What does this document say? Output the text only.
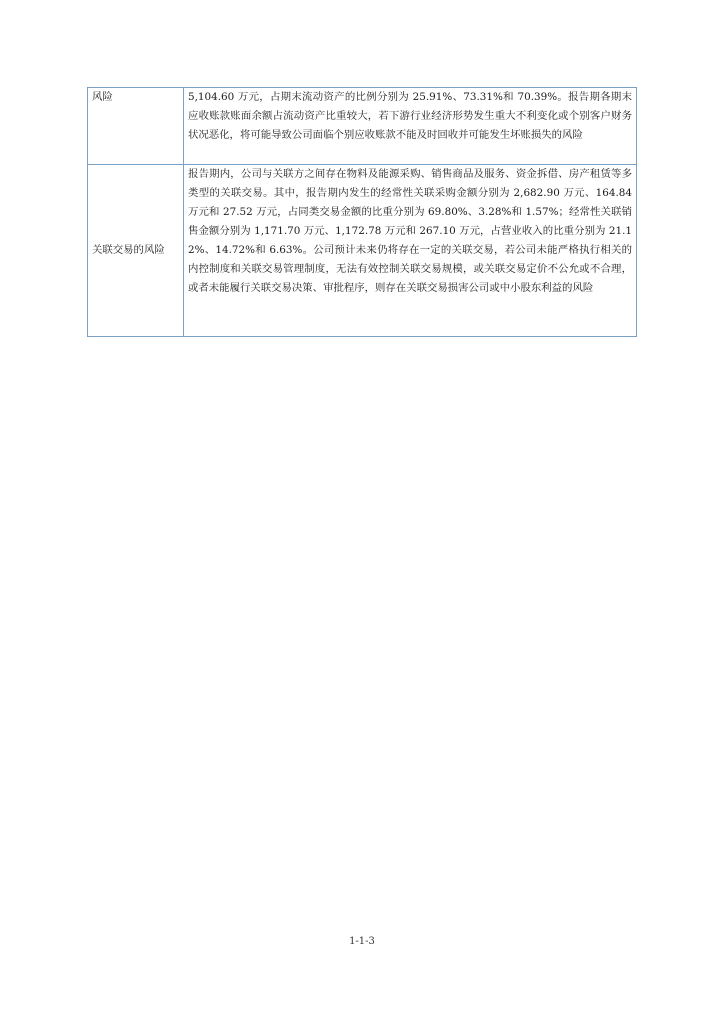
风险	5,104.60 万元，占期末流动资产的比例分别为 25.91%、73.31%和 70.39%。报告期各期末应收账款账面余额占流动资产比重较大，若下游行业经济形势发生重大不利变化或个别客户财务状况恶化，将可能导致公司面临个别应收账款不能及时回收并可能发生坏账损失的风险
关联交易的风险	报告期内，公司与关联方之间存在物料及能源采购、销售商品及服务、资金拆借、房产租赁等多类型的关联交易。其中，报告期内发生的经常性关联采购金额分别为 2,682.90 万元、164.84 万元和 27.52 万元，占同类交易金额的比重分别为 69.80%、3.28%和 1.57%；经常性关联销售金额分别为 1,171.70 万元、1,172.78 万元和 267.10 万元，占营业收入的比重分别为 21.12%、14.72%和 6.63%。公司预计未来仍将存在一定的关联交易，若公司未能严格执行相关的内控制度和关联交易管理制度，无法有效控制关联交易规模，或关联交易定价不公允或不合理，或者未能履行关联交易决策、审批程序，则存在关联交易损害公司或中小股东利益的风险
1-1-3
